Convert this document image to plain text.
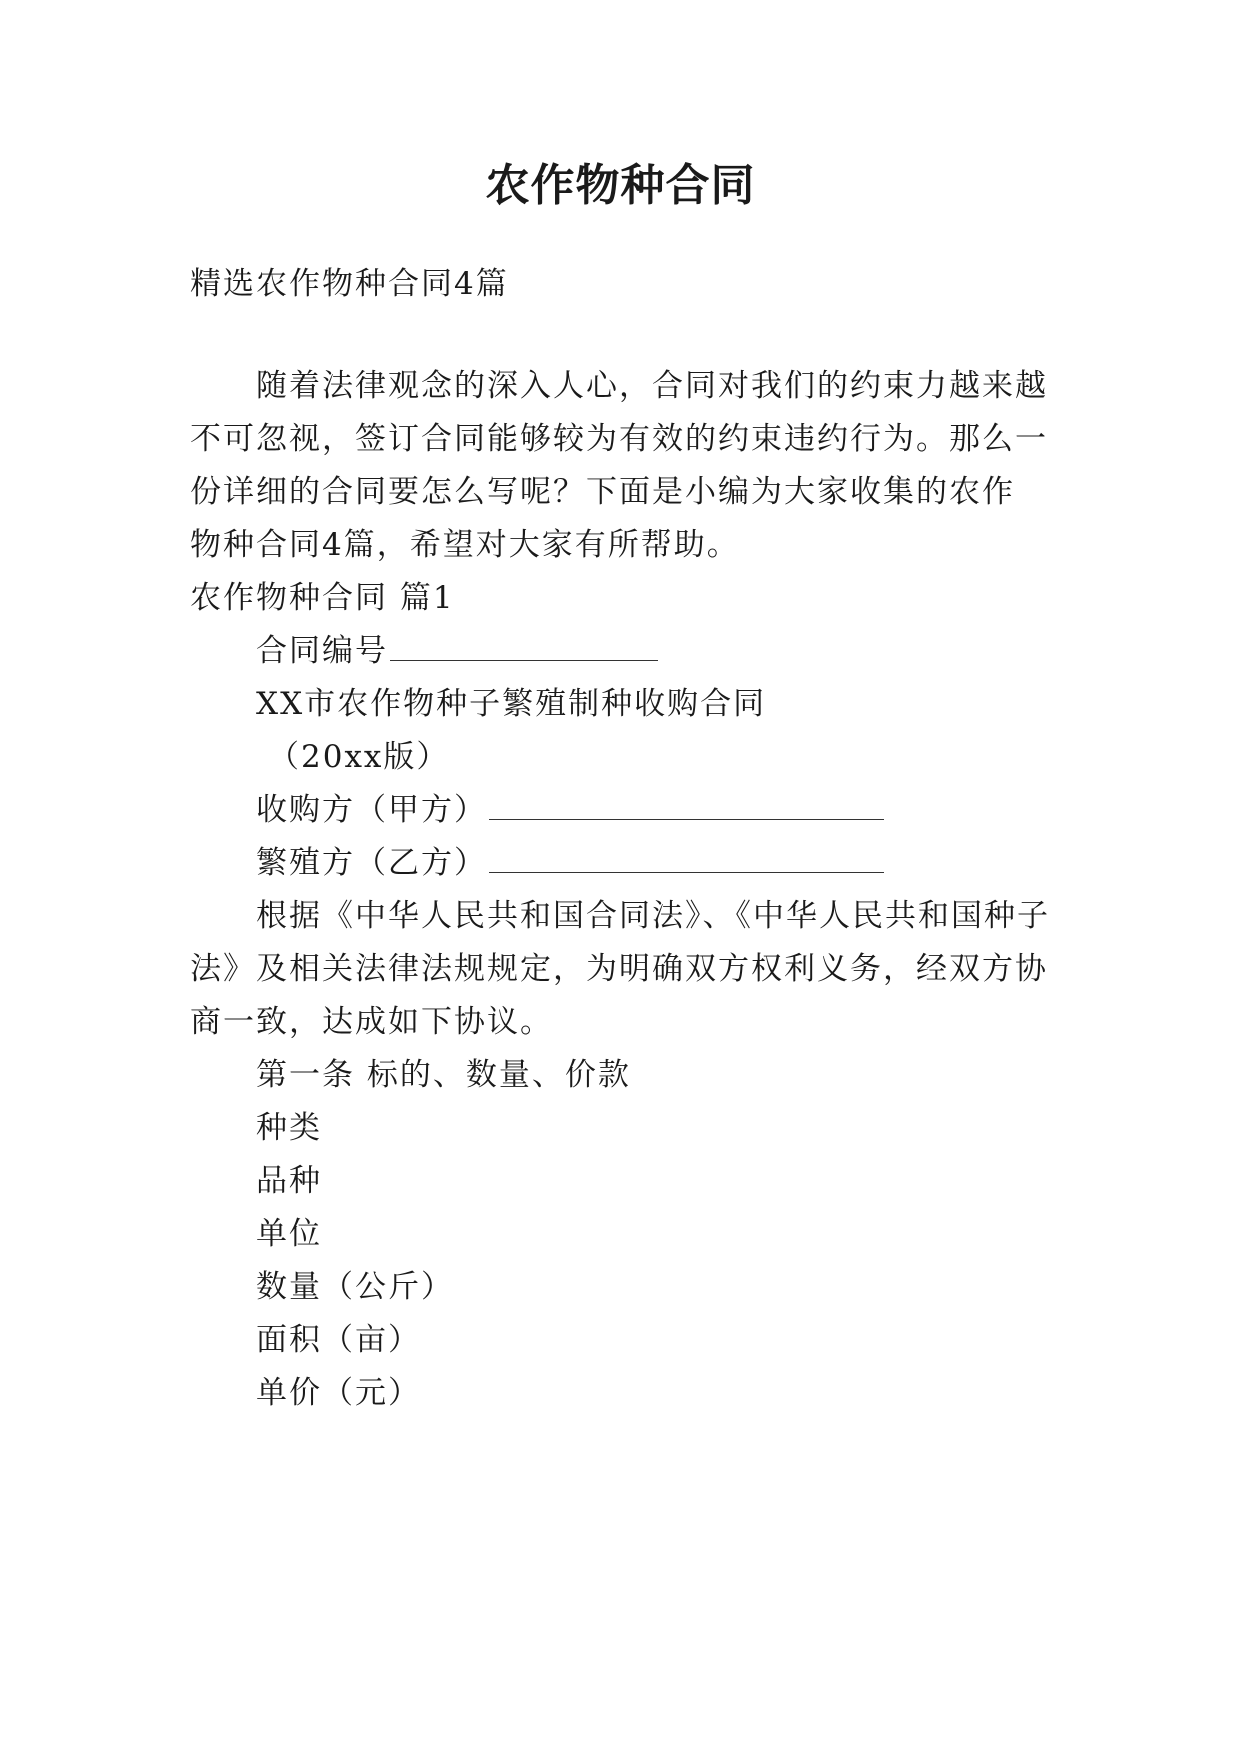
农作物种合同
精选农作物种合同4篇
随着法律观念的深入人心，合同对我们的约束力越来越
不可忽视，签订合同能够较为有效的约束违约行为。那么一
份详细的合同要怎么写呢？下面是小编为大家收集的农作
物种合同4篇，希望对大家有所帮助。
农作物种合同 篇1
合同编号
XX市农作物种子繁殖制种收购合同
（20xx版）
收购方（甲方）
繁殖方（乙方）
根据《中华人民共和国合同法》、《中华人民共和国种子
法》及相关法律法规规定，为明确双方权利义务，经双方协
商一致，达成如下协议。
第一条 标的、数量、价款
种类
品种
单位
数量（公斤）
面积（亩）
单价（元）
